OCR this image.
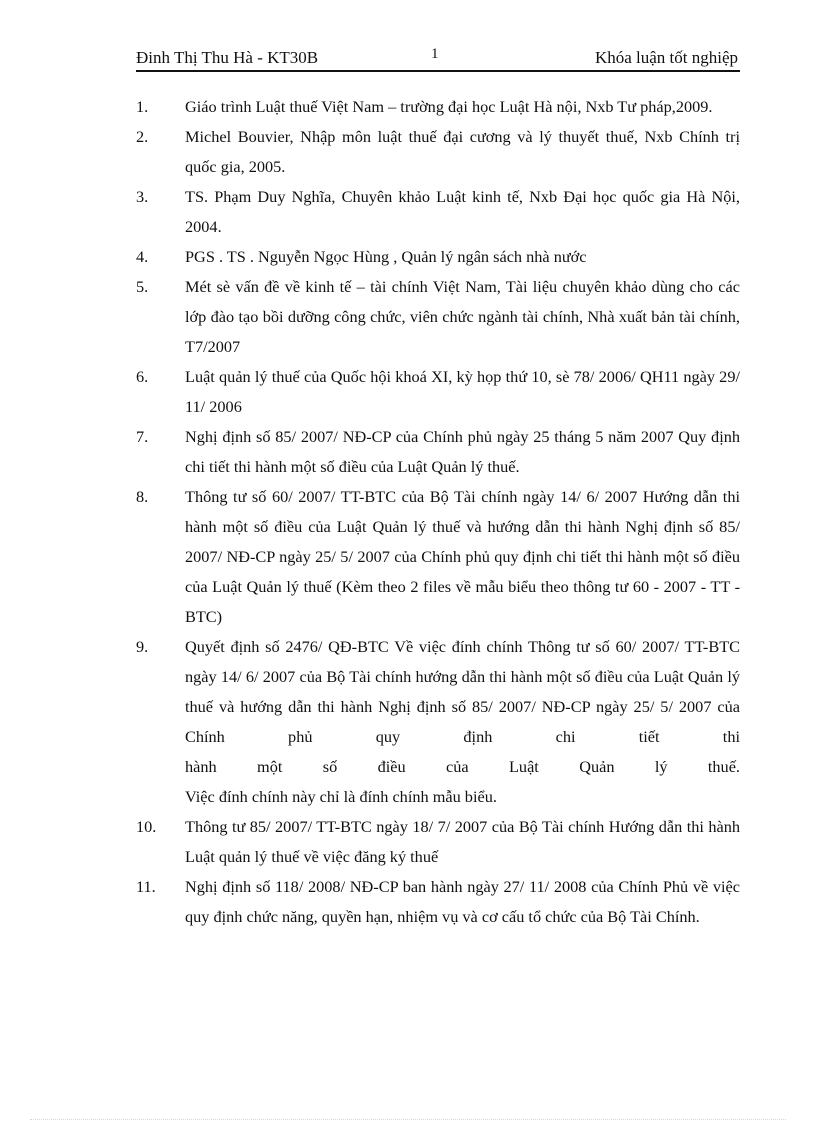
Đinh Thị Thu Hà - KT30B	1	Khóa luận tốt nghiệp
1.	Giáo trình Luật thuế Việt Nam – trường đại học Luật Hà nội, Nxb Tư pháp,2009.
2.	Michel Bouvier, Nhập môn luật thuế đại cương và lý thuyết thuế, Nxb Chính trị quốc gia, 2005.
3.	TS. Phạm Duy Nghĩa, Chuyên khảo Luật kinh tế, Nxb Đại học quốc gia Hà Nội, 2004.
4.	PGS . TS . Nguyễn Ngọc Hùng , Quản lý ngân sách nhà nước
5.	Mét sè vấn đề về kinh tế – tài chính Việt Nam, Tài liệu chuyên khảo dùng cho các lớp đào tạo bồi dưỡng công chức, viên chức ngành tài chính, Nhà xuất bản tài chính, T7/2007
6.	Luật quản lý thuế của Quốc hội khoá XI, kỳ họp thứ 10, sè 78/ 2006/ QH11 ngày 29/ 11/ 2006
7.	Nghị định số 85/ 2007/ NĐ-CP của Chính phủ ngày 25 tháng 5 năm 2007 Quy định chi tiết thi hành một số điều của Luật Quản lý thuế.
8.	Thông tư số 60/ 2007/ TT-BTC của Bộ Tài chính ngày 14/ 6/ 2007 Hướng dẫn thi hành một số điều của Luật Quản lý thuế và hướng dẫn thi hành Nghị định số 85/ 2007/ NĐ-CP ngày 25/ 5/ 2007 của Chính phủ quy định chi tiết thi hành một số điều của Luật Quản lý thuế (Kèm theo 2 files về mẫu biểu theo thông tư 60 - 2007 - TT - BTC)
9.	Quyết định số 2476/ QĐ-BTC Về việc đính chính Thông tư số 60/ 2007/ TT-BTC ngày 14/ 6/ 2007 của Bộ Tài chính hướng dẫn thi hành một số điều của Luật Quản lý thuế và hướng dẫn thi hành Nghị định số 85/ 2007/ NĐ-CP ngày 25/ 5/ 2007 của Chính phủ quy định chi tiết thi
hành một số điều của Luật Quản lý thuế.
Việc đính chính này chỉ là đính chính mẫu biểu.
10.	Thông tư 85/ 2007/ TT-BTC ngày 18/ 7/ 2007 của Bộ Tài chính Hướng dẫn thi hành Luật quản lý thuế về việc đăng ký thuế
11.	Nghị định số 118/ 2008/ NĐ-CP ban hành ngày 27/ 11/ 2008 của Chính Phủ về việc quy định chức năng, quyền hạn, nhiệm vụ và cơ cấu tổ chức của Bộ Tài Chính.
